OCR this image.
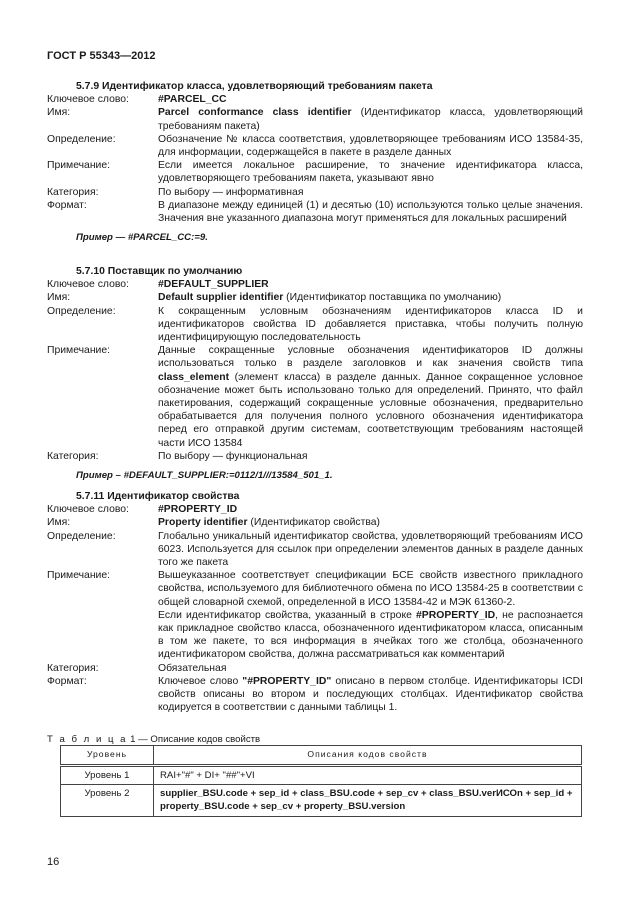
ГОСТ Р 55343—2012
5.7.9 Идентификатор класса, удовлетворяющий требованиям пакета
Ключевое слово:	#PARCEL_CC
Имя:	Parcel conformance class identifier (Идентификатор класса, удовлетворяющий требованиям пакета)
Определение:	Обозначение № класса соответствия, удовлетворяющее требованиям ИСО 13584-35, для информации, содержащейся в пакете в разделе данных
Примечание:	Если имеется локальное расширение, то значение идентификатора класса, удовлетворяющего требованиям пакета, указывают явно
Категория:	По выбору — информативная
Формат:	В диапазоне между единицей (1) и десятью (10) используются только целые значения. Значения вне указанного диапазона могут применяться для локальных расширений
Пример — #PARCEL_CC:=9.
5.7.10 Поставщик по умолчанию
Ключевое слово:	#DEFAULT_SUPPLIER
Имя:	Default supplier identifier (Идентификатор поставщика по умолчанию)
Определение:	К сокращенным условным обозначениям идентификаторов класса ID и идентификаторов свойства ID добавляется приставка, чтобы получить полную идентифицирующую последовательность
Примечание:	Данные сокращенные условные обозначения идентификаторов ID должны использоваться только в разделе заголовков и как значения свойств типа class_element (элемент класса) в разделе данных. Данное сокращенное условное обозначение может быть использовано только для определений. Принято, что файл пакетирования, содержащий сокращенные условные обозначения, предварительно обрабатывается для получения полного условного обозначения идентификатора перед его отправкой другим системам, соответствующим требованиям настоящей части ИСО 13584
Категория:	По выбору — функциональная
Пример – #DEFAULT_SUPPLIER:=0112/1///13584_501_1.
5.7.11 Идентификатор свойства
Ключевое слово:	#PROPERTY_ID
Имя:	Property identifier (Идентификатор свойства)
Определение:	Глобально уникальный идентификатор свойства, удовлетворяющий требованиям ИСО 6023. Используется для ссылок при определении элементов данных в разделе данных того же пакета
Примечание:	Вышеуказанное соответствует спецификации БСЕ свойств известного прикладного свойства, используемого для библиотечного обмена по ИСО 13584-25 в соответствии с общей словарной схемой, определенной в ИСО 13584-42 и МЭК 61360-2.
Если идентификатор свойства, указанный в строке #PROPERTY_ID, не распознается как прикладное свойство класса, обозначенного идентификатором класса, описанным в том же пакете, то вся информация в ячейках того же столбца, обозначенного идентификатором свойства, должна рассматриваться как комментарий
Категория:	Обязательная
Формат:	Ключевое слово "#PROPERTY_ID" описано в первом столбце. Идентификаторы ICDI свойств описаны во втором и последующих столбцах. Идентификатор свойства кодируется в соответствии с данными таблицы 1.
Т а б л и ц а 1 — Описание кодов свойств
Уровень	Описания кодов свойств
Уровень 1	RAI+"#" + DI+ "##"+VI
Уровень 2	supplier_BSU.code + sep_id + class_BSU.code + sep_cv + class_BSU.verИСОn + sep_id + property_BSU.code + sep_cv + property_BSU.version
16
